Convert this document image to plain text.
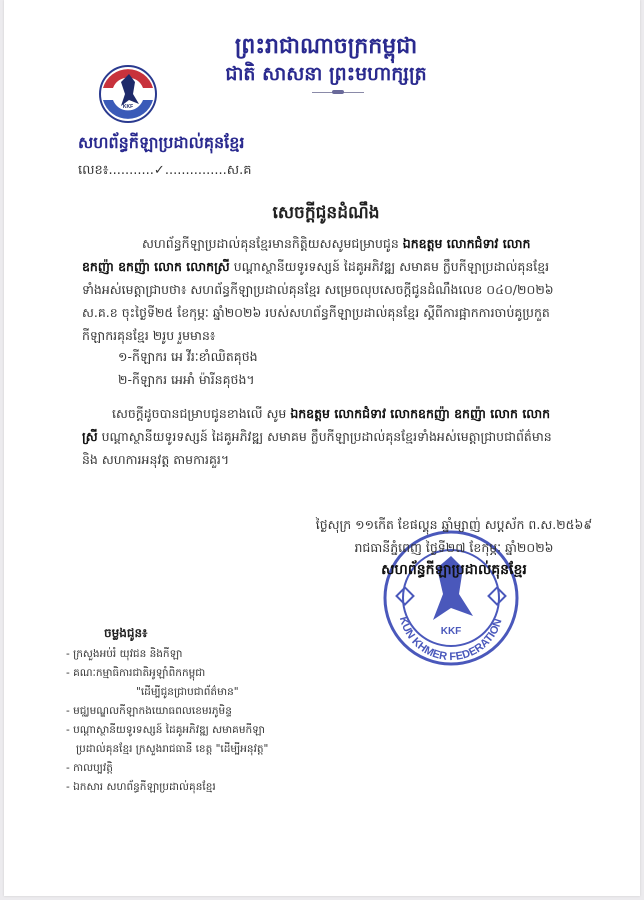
ព្រះរាជាណាចក្រកម្ពុជា
ជាតិ សាសនា ព្រះមហាក្សត្រ
KKF
សហព័ន្ធកីឡាប្រដាល់គុនខ្មែរ
លេខ៖...........✓...............ស.គ
សេចក្ដីជូនដំណឹង
សហព័ន្ធកីឡាប្រដាល់គុនខ្មែរមានកិត្តិយសសូមជម្រាបជូន ឯកឧត្តម លោកជំទាវ លោកឧកញ៉ា ឧកញ៉ា លោក លោកស្រី បណ្ដាស្ថានីយទូរទស្សន៍ ដៃគូអភិវឌ្ឍ សមាគម ក្លឹបកីឡាប្រដាល់គុនខ្មែរទាំងអស់មេត្តាជ្រាបថា៖ សហព័ន្ធកីឡាប្រដាល់គុនខ្មែរ សម្រេចលុបសេចក្តីជូនដំណឹងលេខ ០៤០/២០២៦ ស.គ.ខ ចុះថ្ងៃទី២៥ ខែកុម្ភៈ ឆ្នាំ២០២៦ របស់សហព័ន្ធកីឡាប្រដាល់គុនខ្មែរ ស្ដីពីការផ្អាកការចាប់គូប្រកួត កីឡាករគុនខ្មែរ ២រូប រួមមាន៖
១-កីឡាករ អេ វីរៈខាំឈិតគុថង
២-កីឡាករ អេអាំ ម៉ារីនគុថង។
សេចក្តីដូចបានជម្រាបជូនខាងលើ សូម ឯកឧត្តម លោកជំទាវ លោកឧកញ៉ា ឧកញ៉ា លោក លោកស្រី បណ្ដាស្ថានីយទូរទស្សន៍ ដៃគូអភិវឌ្ឍ សមាគម ក្លឹបកីឡាប្រដាល់គុនខ្មែរទាំងអស់មេត្តាជ្រាបជាព័ត៌មាន និង សហការអនុវត្ត តាមការគួរ។
KKF
KUN KHMER FEDERATION
ថ្ងៃសុក្រ ១១កើត ខែផល្គុន ឆ្នាំម្សាញ់ សប្តស័ក ព.ស.២៥៦៩
រាជធានីភ្នំពេញ ថ្ងៃទី២៧ ខែកុម្ភៈ ឆ្នាំ២០២៦
សហព័ន្ធកីឡាប្រដាល់គុនខ្មែរ
ចម្លងជូន៖
- ក្រសួងអប់រំ យុវជន និងកីឡា
- គណៈកម្មាធិការជាតិអូឡាំពិកកម្ពុជា
"ដើម្បីជូនជ្រាបជាព័ត៌មាន"
- មជ្ឈមណ្ឌលកីឡាកងយោធពលខេមរភូមិន្ទ
- បណ្ដាស្ថានីយទូរទស្សន៍ ដៃគូអភិវឌ្ឍ សមាគមកីឡា
ប្រដាល់គុនខ្មែរ ក្រសួងរាជធានី ខេត្ត "ដើម្បីអនុវត្ត"
- កាលប្បវត្តិ
- ឯកសារ សហព័ន្ធកីឡាប្រដាល់គុនខ្មែរ
